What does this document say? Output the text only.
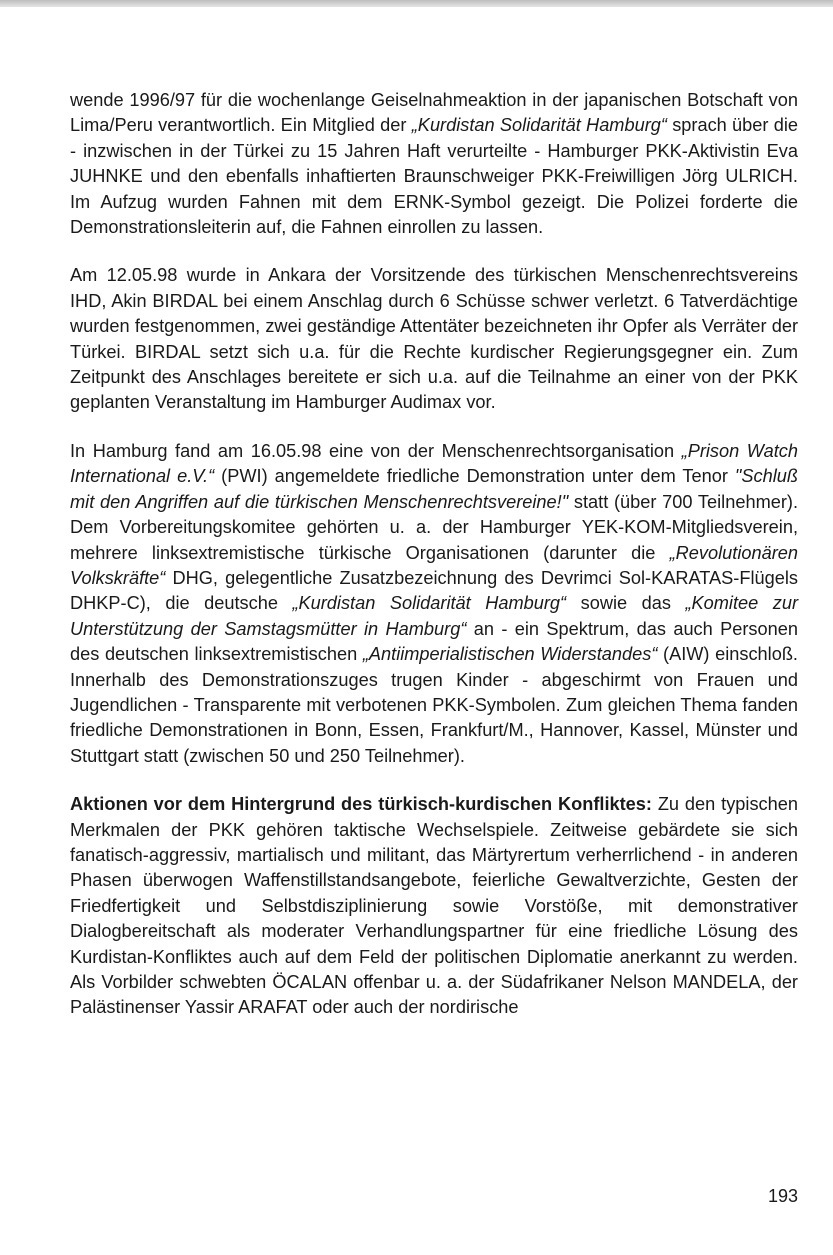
wende 1996/97 für die wochenlange Geiselnahmeaktion in der japanischen Botschaft von Lima/Peru verantwortlich. Ein Mitglied der „Kurdistan Solidarität Hamburg“ sprach über die - inzwischen in der Türkei zu 15 Jahren Haft verurteilte - Hamburger PKK-Aktivistin Eva JUHNKE und den ebenfalls inhaftierten Braunschweiger PKK-Freiwilligen Jörg ULRICH. Im Aufzug wurden Fahnen mit dem ERNK-Symbol gezeigt. Die Polizei forderte die Demonstrationsleiterin auf, die Fahnen einrollen zu lassen.

Am 12.05.98 wurde in Ankara der Vorsitzende des türkischen Menschenrechtsvereins IHD, Akin BIRDAL bei einem Anschlag durch 6 Schüsse schwer verletzt. 6 Tatverdächtige wurden festgenommen, zwei geständige Attentäter bezeichneten ihr Opfer als Verräter der Türkei. BIRDAL setzt sich u.a. für die Rechte kurdischer Regierungsgegner ein. Zum Zeitpunkt des Anschlages bereitete er sich u.a. auf die Teilnahme an einer von der PKK geplanten Veranstaltung im Hamburger Audimax vor.

In Hamburg fand am 16.05.98 eine von der Menschenrechtsorganisation „Prison Watch International e.V.“ (PWI) angemeldete friedliche Demonstration unter dem Tenor "Schluß mit den Angriffen auf die türkischen Menschenrechtsvereine!" statt (über 700 Teilnehmer). Dem Vorbereitungskomitee gehörten u. a. der Hamburger YEK-KOM-Mitgliedsverein, mehrere linksextremistische türkische Organisationen (darunter die „Revolutionären Volkskräfte“ DHG, gelegentliche Zusatzbezeichnung des Devrimci Sol-KARATAS-Flügels DHKP-C), die deutsche „Kurdistan Solidarität Hamburg“ sowie das „Komitee zur Unterstützung der Samstagsmütter in Hamburg“ an - ein Spektrum, das auch Personen des deutschen linksextremistischen „Antiimperialistischen Widerstandes“ (AIW) einschloß. Innerhalb des Demonstrationszuges trugen Kinder - abgeschirmt von Frauen und Jugendlichen - Transparente mit verbotenen PKK-Symbolen. Zum gleichen Thema fanden friedliche Demonstrationen in Bonn, Essen, Frankfurt/M., Hannover, Kassel, Münster und Stuttgart statt (zwischen 50 und 250 Teilnehmer).

Aktionen vor dem Hintergrund des türkisch-kurdischen Konfliktes: Zu den typischen Merkmalen der PKK gehören taktische Wechselspiele. Zeitweise gebärdete sie sich fanatisch-aggressiv, martialisch und militant, das Märtyrertum verherrlichend - in anderen Phasen überwogen Waffenstillstandsangebote, feierliche Gewaltverzichte, Gesten der Friedfertigkeit und Selbstdisziplinierung sowie Vorstöße, mit demonstrativer Dialogbereitschaft als moderater Verhandlungspartner für eine friedliche Lösung des Kurdistan-Konfliktes auch auf dem Feld der politischen Diplomatie anerkannt zu werden. Als Vorbilder schwebten ÖCALAN offenbar u. a. der Südafrikaner Nelson MANDELA, der Palästinenser Yassir ARAFAT oder auch der nordirische

193
